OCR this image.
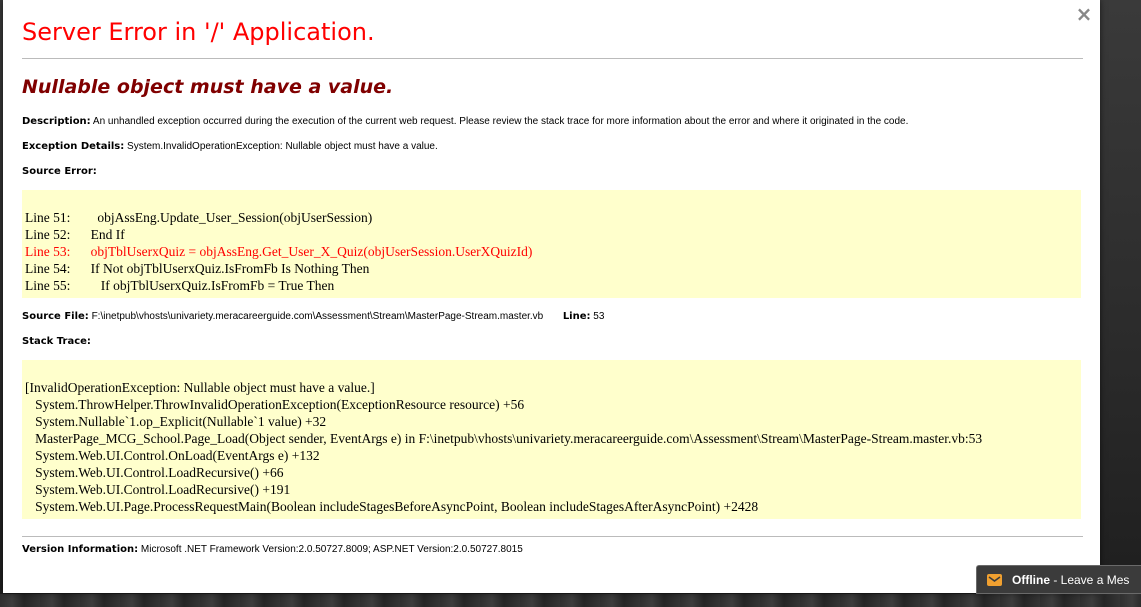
×
Server Error in '/' Application.
Nullable object must have a value.
Description: An unhandled exception occurred during the execution of the current web request. Please review the stack trace for more information about the error and where it originated in the code.
Exception Details: System.InvalidOperationException: Nullable object must have a value.
Source Error:
Line 51:        objAssEng.Update_User_Session(objUserSession)
Line 52:      End If
Line 53:      objTblUserxQuiz = objAssEng.Get_User_X_Quiz(objUserSession.UserXQuizId)
Line 54:      If Not objTblUserxQuiz.IsFromFb Is Nothing Then
Line 55:         If objTblUserxQuiz.IsFromFb = True Then
Source File: F:\inetpub\vhosts\univariety.meracareerguide.com\Assessment\Stream\MasterPage-Stream.master.vb Line: 53
Stack Trace:
[InvalidOperationException: Nullable object must have a value.]
System.ThrowHelper.ThrowInvalidOperationException(ExceptionResource resource) +56
System.Nullable`1.op_Explicit(Nullable`1 value) +32
MasterPage_MCG_School.Page_Load(Object sender, EventArgs e) in F:\inetpub\vhosts\univariety.meracareerguide.com\Assessment\Stream\MasterPage-Stream.master.vb:53
System.Web.UI.Control.OnLoad(EventArgs e) +132
System.Web.UI.Control.LoadRecursive() +66
System.Web.UI.Control.LoadRecursive() +191
System.Web.UI.Page.ProcessRequestMain(Boolean includeStagesBeforeAsyncPoint, Boolean includeStagesAfterAsyncPoint) +2428
Version Information: Microsoft .NET Framework Version:2.0.50727.8009; ASP.NET Version:2.0.50727.8015
Offline - Leave a Mes
